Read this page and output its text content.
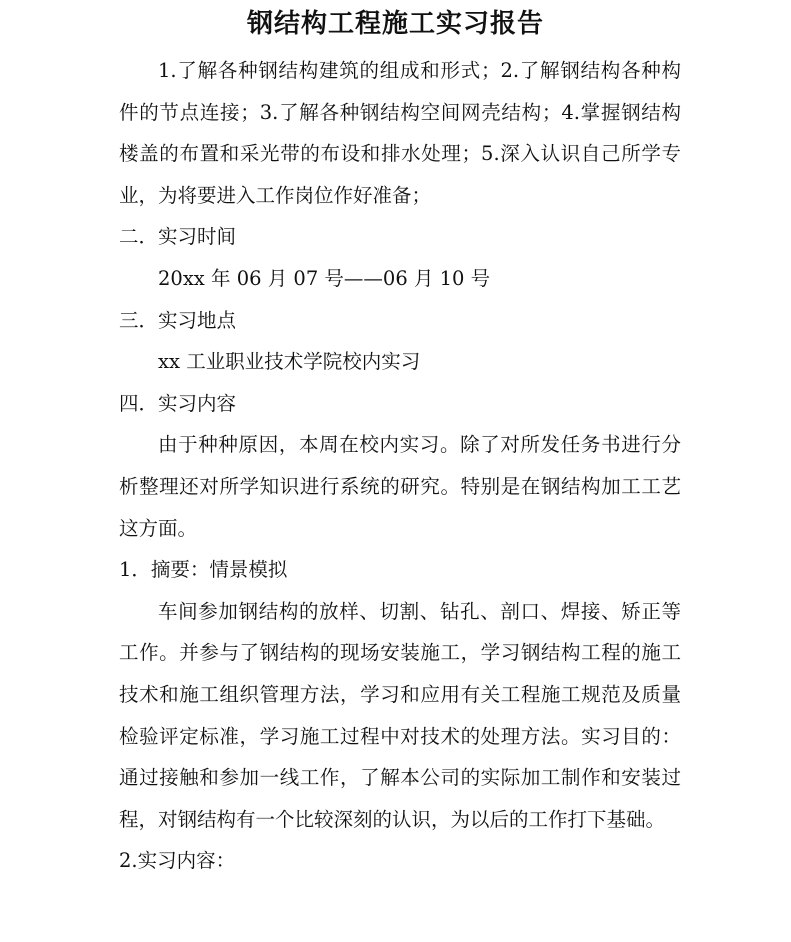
钢结构工程施工实习报告

1.了解各种钢结构建筑的组成和形式；2.了解钢结构各种构件的节点连接；3.了解各种钢结构空间网壳结构；4.掌握钢结构楼盖的布置和采光带的布设和排水处理；5.深入认识自己所学专业，为将要进入工作岗位作好准备；

二．实习时间

20xx 年 06 月 07 号——06 月 10 号

三．实习地点

xx 工业职业技术学院校内实习

四．实习内容

由于种种原因，本周在校内实习。除了对所发任务书进行分析整理还对所学知识进行系统的研究。特别是在钢结构加工工艺这方面。

1．摘要：情景模拟

车间参加钢结构的放样、切割、钻孔、剖口、焊接、矫正等工作。并参与了钢结构的现场安装施工，学习钢结构工程的施工技术和施工组织管理方法，学习和应用有关工程施工规范及质量检验评定标准，学习施工过程中对技术的处理方法。实习目的：通过接触和参加一线工作，了解本公司的实际加工制作和安装过程，对钢结构有一个比较深刻的认识，为以后的工作打下基础。

2.实习内容：
